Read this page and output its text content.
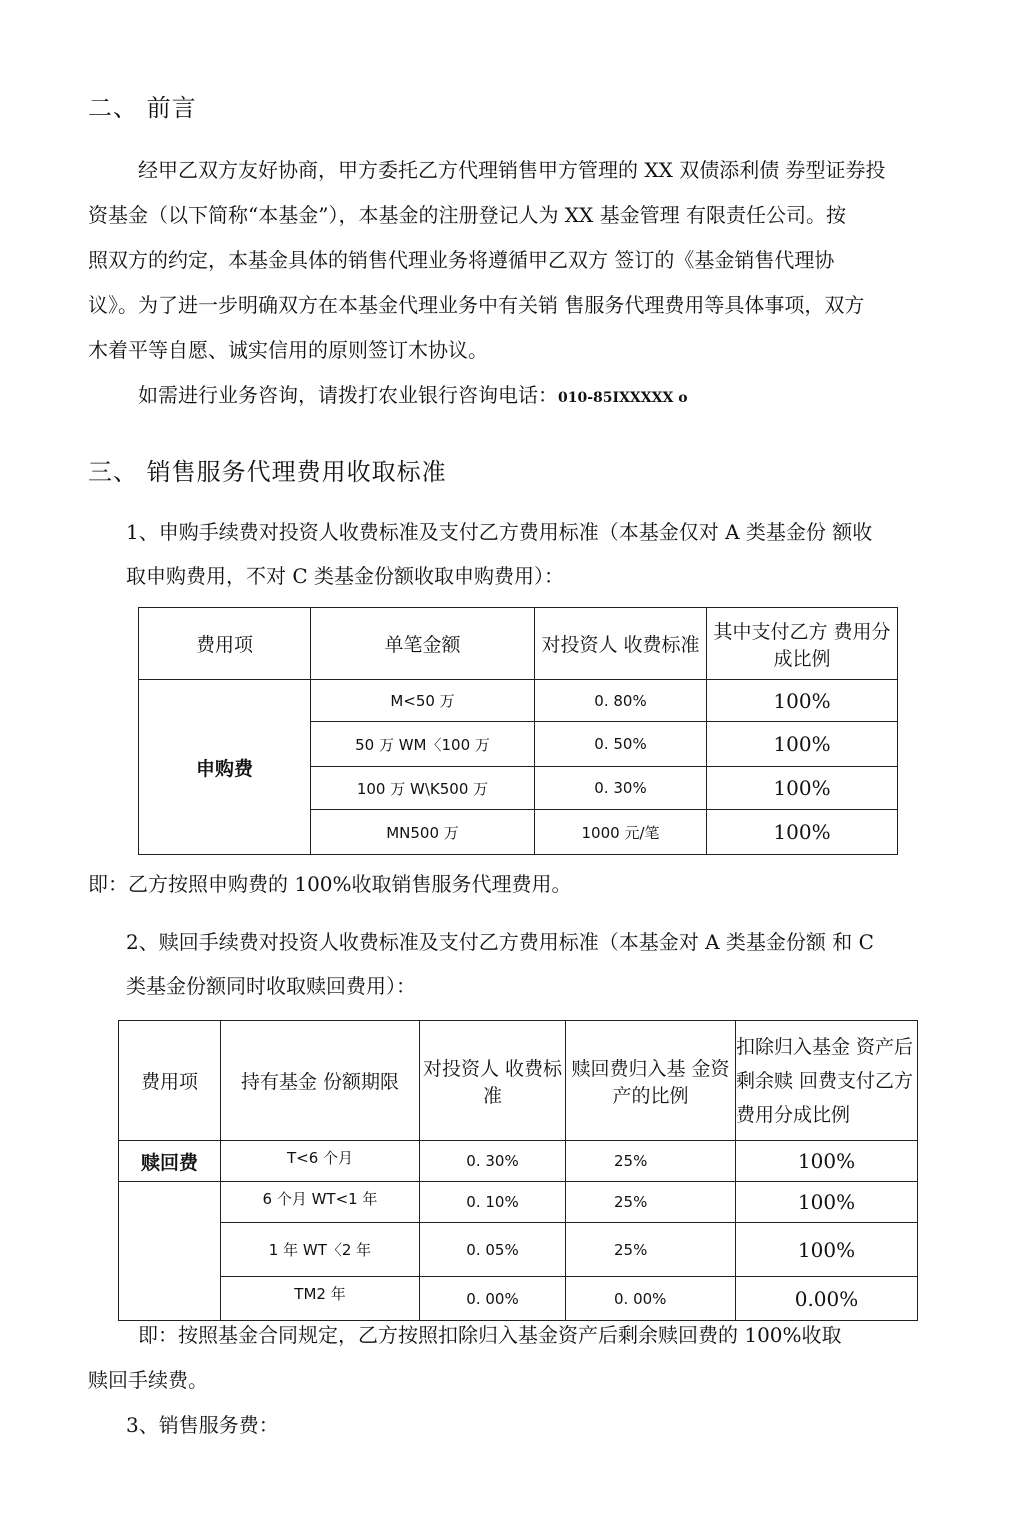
二、 前言
经甲乙双方友好协商，甲方委托乙方代理销售甲方管理的 XX 双债添利债 券型证券投
资基金（以下简称“本基金”），本基金的注册登记人为 XX 基金管理 有限责任公司。按
照双方的约定，本基金具体的销售代理业务将遵循甲乙双方 签订的《基金销售代理协
议》。为了进一步明确双方在本基金代理业务中有关销 售服务代理费用等具体事项，双方
木着平等自愿、诚实信用的原则签订木协议。
如需进行业务咨询，请拨打农业银行咨询电话：010-85IXXXXX o
三、 销售服务代理费用收取标准
1、申购手续费对投资人收费标准及支付乙方费用标准（本基金仅对 A 类基金份 额收
取申购费用，不对 C 类基金份额收取申购费用）：
费用项	单笔金额	对投资人 收费标准	其中支付乙方 费用分成比例
申购费	M<50 万	0. 80%	100%
	50 万 WM〈100 万	0. 50%	100%
	100 万 W\K500 万	0. 30%	100%
	MN500 万	1000 元/笔	100%
即：乙方按照申购费的 100%收取销售服务代理费用。
2、赎回手续费对投资人收费标准及支付乙方费用标准（本基金对 A 类基金份额 和 C
类基金份额同时收取赎回费用）：
费用项	持有基金 份额期限	对投资人 收费标准	赎回费归入基 金资产的比例	扣除归入基金 资产后剩余赎 回费支付乙方 费用分成比例
赎回费	T<6 个月	0. 30%	25%	100%
	6 个月 WT<1 年	0. 10%	25%	100%
	1 年 WT〈2 年	0. 05%	25%	100%
	TM2 年	0. 00%	0. 00%	0.00%
即：按照基金合同规定，乙方按照扣除归入基金资产后剩余赎回费的 100%收取
赎回手续费。
3、销售服务费：
